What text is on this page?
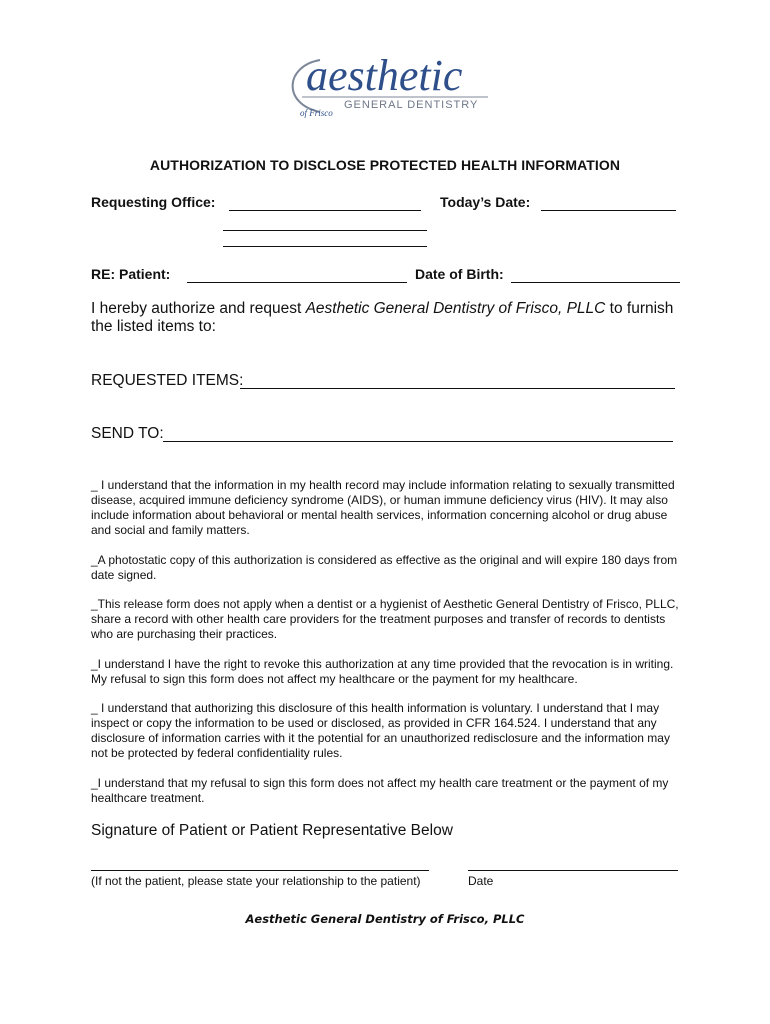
aesthetic
GENERAL DENTISTRY
of Frisco
AUTHORIZATION TO DISCLOSE PROTECTED HEALTH INFORMATION
Requesting Office:	Today’s Date:
RE: Patient:	Date of Birth:
I hereby authorize and request Aesthetic General Dentistry of Frisco, PLLC to furnish the listed items to:
REQUESTED ITEMS:
SEND TO:
_ I understand that the information in my health record may include information relating to sexually transmitted disease, acquired immune deficiency syndrome (AIDS), or human immune deficiency virus (HIV). It may also include information about behavioral or mental health services, information concerning alcohol or drug abuse and social and family matters.
_A photostatic copy of this authorization is considered as effective as the original and will expire 180 days from date signed.
_This release form does not apply when a dentist or a hygienist of Aesthetic General Dentistry of Frisco, PLLC, share a record with other health care providers for the treatment purposes and transfer of records to dentists who are purchasing their practices.
_I understand I have the right to revoke this authorization at any time provided that the revocation is in writing. My refusal to sign this form does not affect my healthcare or the payment for my healthcare.
_ I understand that authorizing this disclosure of this health information is voluntary. I understand that I may inspect or copy the information to be used or disclosed, as provided in CFR 164.524. I understand that any disclosure of information carries with it the potential for an unauthorized redisclosure and the information may not be protected by federal confidentiality rules.
_I understand that my refusal to sign this form does not affect my health care treatment or the payment of my healthcare treatment.
Signature of Patient or Patient Representative Below
(If not the patient, please state your relationship to the patient)	Date
Aesthetic General Dentistry of Frisco, PLLC
